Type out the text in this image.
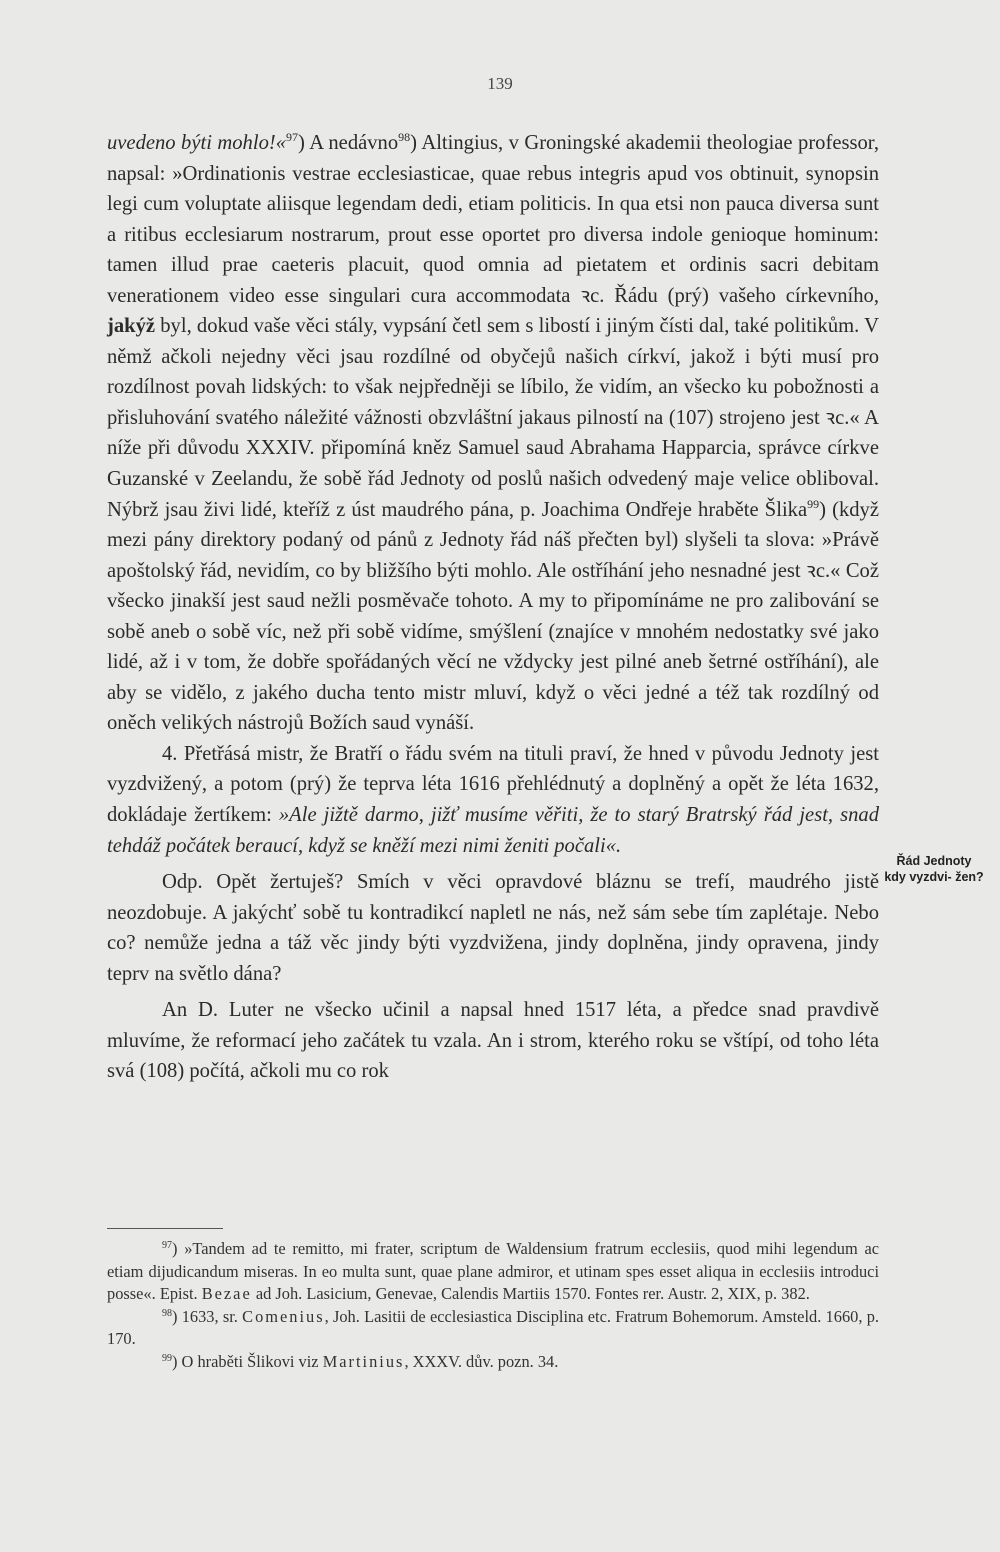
139

uvedeno býti mohlo!«$^{97}$) A nedávno$^{98}$) Altingius, v Groningské akademii theologiae professor, napsal: »Ordinationis vestrae ecclesiasticae, quae rebus integris apud vos obtinuit, synopsin legi cum voluptate aliisque legendam dedi, etiam politicis. In qua etsi non pauca diversa sunt a ritibus ecclesiarum nostrarum, prout esse oportet pro diversa indole genioque hominum: tamen illud prae caeteris placuit, quod omnia ad pietatem et ordinis sacri debitam venerationem video esse singulari cura accommodata ꝛc. Řádu (prý) vašeho církevního, jakýž byl, dokud vaše věci stály, vypsání četl sem s libostí i jiným čísti dal, také politikům. V němž ačkoli nejedny věci jsau rozdílné od obyčejů našich církví, jakož i býti musí pro rozdílnost povah lidských: to však nejpředněji se líbilo, že vidím, an všecko ku pobožnosti a přisluhování svatého náležité vážnosti obzvláštní jakaus pilností na (107) strojeno jest ꝛc.« A níže při důvodu XXXIV. připomíná kněz Samuel saud Abrahama Happarcia, správce církve Guzanské v Zeelandu, že sobě řád Jednoty od poslů našich odvedený maje velice obliboval. Nýbrž jsau živi lidé, kteříž z úst maudrého pána, p. Joachima Ondřeje hraběte Šlika$^{99}$) (když mezi pány direktory podaný od pánů z Jednoty řád náš přečten byl) slyšeli ta slova: »Právě apoštolský řád, nevidím, co by bližšího býti mohlo. Ale ostříhání jeho nesnadné jest ꝛc.« Což všecko jinakší jest saud nežli posměvače tohoto. A my to připomínáme ne pro zalibování se sobě aneb o sobě víc, než při sobě vidíme, smýšlení (znajíce v mnohém nedostatky své jako lidé, až i v tom, že dobře spořádaných věcí ne vždycky jest pilné aneb šetrné ostříhání), ale aby se vidělo, z jakého ducha tento mistr mluví, když o věci jedné a též tak rozdílný od oněch velikých nástrojů Božích saud vynáší.

4. Přetřásá mistr, že Bratří o řádu svém na tituli praví, že hned v původu Jednoty jest vyzdvižený, a potom (prý) že teprva léta 1616 přehlédnutý a doplněný a opět že léta 1632, dokládaje žertíkem: »Ale jižtě darmo, jižť musíme věřiti, že to starý Bratrský řád jest, snad tehdáž počátek beraucí, když se kněží mezi nimi ženiti počali«.

Odp. Opět žertuješ? Smích v věci opravdové bláznu se trefí, maudrého jistě neozdobuje. A jakýchť sobě tu kontradikcí napletl ne nás, než sám sebe tím zaplétaje. Nebo co? nemůže jedna a táž věc jindy býti vyzdvižena, jindy doplněna, jindy opravena, jindy teprv na světlo dána?

An D. Luter ne všecko učinil a napsal hned 1517 léta, a předce snad pravdivě mluvíme, že reformací jeho začátek tu vzala. An i strom, kterého roku se vštípí, od toho léta svá (108) počítá, ačkoli mu co rok

Řád Jednoty kdy vyzdvi- žen?

$^{97}$) »Tandem ad te remitto, mi frater, scriptum de Waldensium fratrum ecclesiis, quod mihi legendum ac etiam dijudicandum miseras. In eo multa sunt, quae plane admiror, et utinam spes esset aliqua in ecclesiis introduci posse«. Epist. Bezae ad Joh. Lasicium, Genevae, Calendis Martiis 1570. Fontes rer. Austr. 2, XIX, p. 382.

$^{98}$) 1633, sr. Comenius, Joh. Lasitii de ecclesiastica Disciplina etc. Fratrum Bohemorum. Amsteld. 1660, p. 170.

$^{99}$) O hraběti Šlikovi viz Martinius, XXXV. dův. pozn. 34.
